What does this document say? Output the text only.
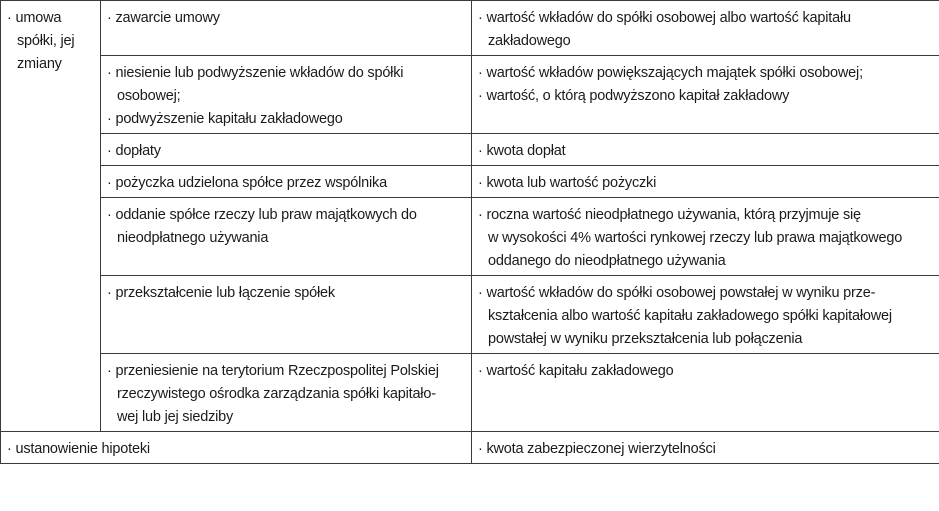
· umowa
spółki, jej
zmiany	· zawarcie umowy	· wartość wkładów do spółki osobowej albo wartość kapitału
zakładowego

	· niesienie lub podwyższenie wkładów do spółki
osobowej;
· podwyższenie kapitału zakładowego	· wartość wkładów powiększających majątek spółki osobowej;
· wartość, o którą podwyższono kapitał zakładowy

	· dopłaty	· kwota dopłat

	· pożyczka udzielona spółce przez wspólnika	· kwota lub wartość pożyczki

	· oddanie spółce rzeczy lub praw majątkowych do
nieodpłatnego używania	· roczna wartość nieodpłatnego używania, którą przyjmuje się
w wysokości 4% wartości rynkowej rzeczy lub prawa majątkowego
oddanego do nieodpłatnego używania

	· przekształcenie lub łączenie spółek	· wartość wkładów do spółki osobowej powstałej w wyniku prze-
kształcenia albo wartość kapitału zakładowego spółki kapitałowej
powstałej w wyniku przekształcenia lub połączenia

	· przeniesienie na terytorium Rzeczpospolitej Polskiej
rzeczywistego ośrodka zarządzania spółki kapitało-
wej lub jej siedziby	· wartość kapitału zakładowego

· ustanowienie hipoteki		· kwota zabezpieczonej wierzytelności
